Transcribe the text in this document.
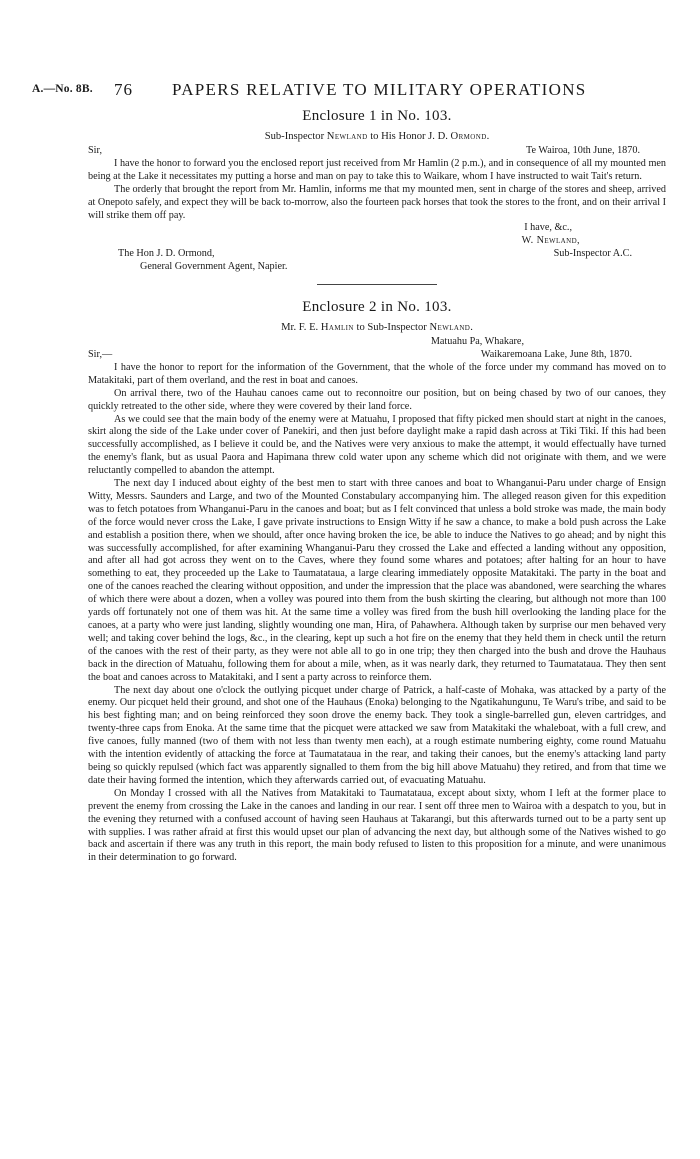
A.—No. 8B. 76 PAPERS RELATIVE TO MILITARY OPERATIONS
Enclosure 1 in No. 103.
Sub-Inspector Newland to His Honor J. D. Ormond.
Sir,	Te Wairoa, 10th June, 1870.

I have the honor to forward you the enclosed report just received from Mr Hamlin (2 p.m.), and in consequence of all my mounted men being at the Lake it necessitates my putting a horse and man on pay to take this to Waikare, whom I have instructed to wait Tait's return.

The orderly that brought the report from Mr. Hamlin, informs me that my mounted men, sent in charge of the stores and sheep, arrived at Onepoto safely, and expect they will be back to-morrow, also the fourteen pack horses that took the stores to the front, and on their arrival I will strike them off pay.

I have, &c.,
W. Newland,
The Hon J. D. Ormond,	Sub-Inspector A.C.
General Government Agent, Napier.
Enclosure 2 in No. 103.
Mr. F. E. Hamlin to Sub-Inspector Newland.
Matuahu Pa, Whakare,
Sir,—	Waikaremoana Lake, June 8th, 1870.

I have the honor to report for the information of the Government, that the whole of the force under my command has moved on to Matakitaki, part of them overland, and the rest in boat and canoes.

On arrival there, two of the Hauhau canoes came out to reconnoitre our position, but on being chased by two of our canoes, they quickly retreated to the other side, where they were covered by their land force.

As we could see that the main body of the enemy were at Matuahu, I proposed that fifty picked men should start at night in the canoes, skirt along the side of the Lake under cover of Panekiri, and then just before daylight make a rapid dash across at Tiki Tiki. If this had been successfully accomplished, as I believe it could be, and the Natives were very anxious to make the attempt, it would effectually have turned the enemy's flank, but as usual Paora and Hapimana threw cold water upon any scheme which did not originate with them, and we were reluctantly compelled to abandon the attempt.

The next day I induced about eighty of the best men to start with three canoes and boat to Whanganui-Paru under charge of Ensign Witty, Messrs. Saunders and Large, and two of the Mounted Constabulary accompanying him. The alleged reason given for this expedition was to fetch potatoes from Whanganui-Paru in the canoes and boat; but as I felt convinced that unless a bold stroke was made, the main body of the force would never cross the Lake, I gave private instructions to Ensign Witty if he saw a chance, to make a bold push across the Lake and establish a position there, when we should, after once having broken the ice, be able to induce the Natives to go ahead; and by night this was successfully accomplished, for after examining Whanganui-Paru they crossed the Lake and effected a landing without any opposition, and after all had got across they went on to the Caves, where they found some whares and potatoes; after halting for an hour to have something to eat, they proceeded up the Lake to Taumatataua, a large clearing immediately opposite Matakitaki. The party in the boat and one of the canoes reached the clearing without opposition, and under the impression that the place was abandoned, were searching the whares of which there were about a dozen, when a volley was poured into them from the bush skirting the clearing, but although not more than 100 yards off fortunately not one of them was hit. At the same time a volley was fired from the bush hill overlooking the landing place for the canoes, at a party who were just landing, slightly wounding one man, Hira, of Pahawhera. Although taken by surprise our men behaved very well; and taking cover behind the logs, &c., in the clearing, kept up such a hot fire on the enemy that they held them in check until the return of the canoes with the rest of their party, as they were not able all to go in one trip; they then charged into the bush and drove the Hauhaus back in the direction of Matuahu, following them for about a mile, when, as it was nearly dark, they returned to Taumatataua. They then sent the boat and canoes across to Matakitaki, and I sent a party across to reinforce them.

The next day about one o'clock the outlying picquet under charge of Patrick, a half-caste of Mohaka, was attacked by a party of the enemy. Our picquet held their ground, and shot one of the Hauhaus (Enoka) belonging to the Ngatikahungunu, Te Waru's tribe, and said to be his best fighting man; and on being reinforced they soon drove the enemy back. They took a single-barrelled gun, eleven cartridges, and twenty-three caps from Enoka. At the same time that the picquet were attacked we saw from Matakitaki the whaleboat, with a full crew, and five canoes, fully manned (two of them with not less than twenty men each), at a rough estimate numbering eighty, come round Matuahu with the intention evidently of attacking the force at Taumatataua in the rear, and taking their canoes, but the enemy's attacking land party being so quickly repulsed (which fact was apparently signalled to them from the big hill above Matuahu) they retired, and from that time we date their having formed the intention, which they afterwards carried out, of evacuating Matuahu.

On Monday I crossed with all the Natives from Matakitaki to Taumatataua, except about sixty, whom I left at the former place to prevent the enemy from crossing the Lake in the canoes and landing in our rear. I sent off three men to Wairoa with a despatch to you, but in the evening they returned with a confused account of having seen Hauhaus at Takarangi, but this afterwards turned out to be a party sent up with supplies. I was rather afraid at first this would upset our plan of advancing the next day, but although some of the Natives wished to go back and ascertain if there was any truth in this report, the main body refused to listen to this proposition for a minute, and were unanimous in their determination to go forward.
